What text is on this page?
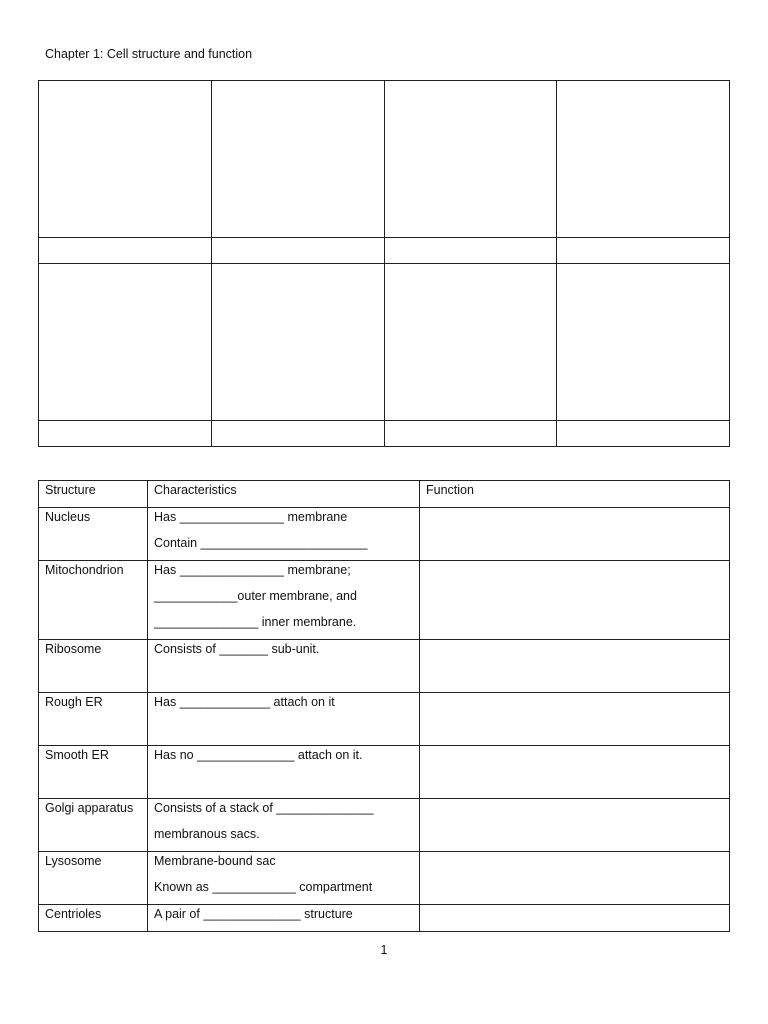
Chapter 1: Cell structure and function

Structure	Characteristics	Function

Nucleus	Has _______________ membrane
Contain ________________________	

Mitochondrion	Has _______________ membrane;
____________outer membrane, and
_______________ inner membrane.	

Ribosome	Consists of _______ sub-unit.	

Rough ER	Has _____________ attach on it	

Smooth ER	Has no ______________ attach on it.	

Golgi apparatus	Consists of a stack of ______________
membranous sacs.	

Lysosome	Membrane-bound sac
Known as ____________ compartment	

Centrioles	A pair of ______________ structure	

1
